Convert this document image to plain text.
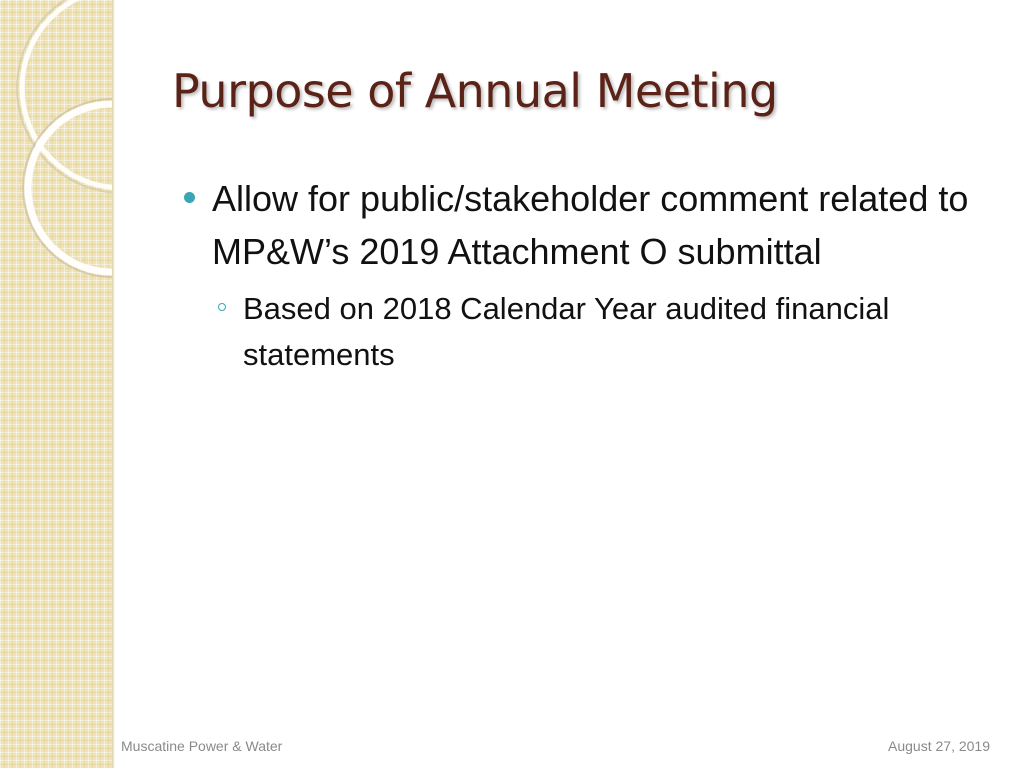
Purpose of Annual Meeting
Allow for public/stakeholder comment related to MP&W’s 2019 Attachment O submittal
Based on 2018 Calendar Year audited financial statements
Muscatine Power & Water	August 27, 2019
